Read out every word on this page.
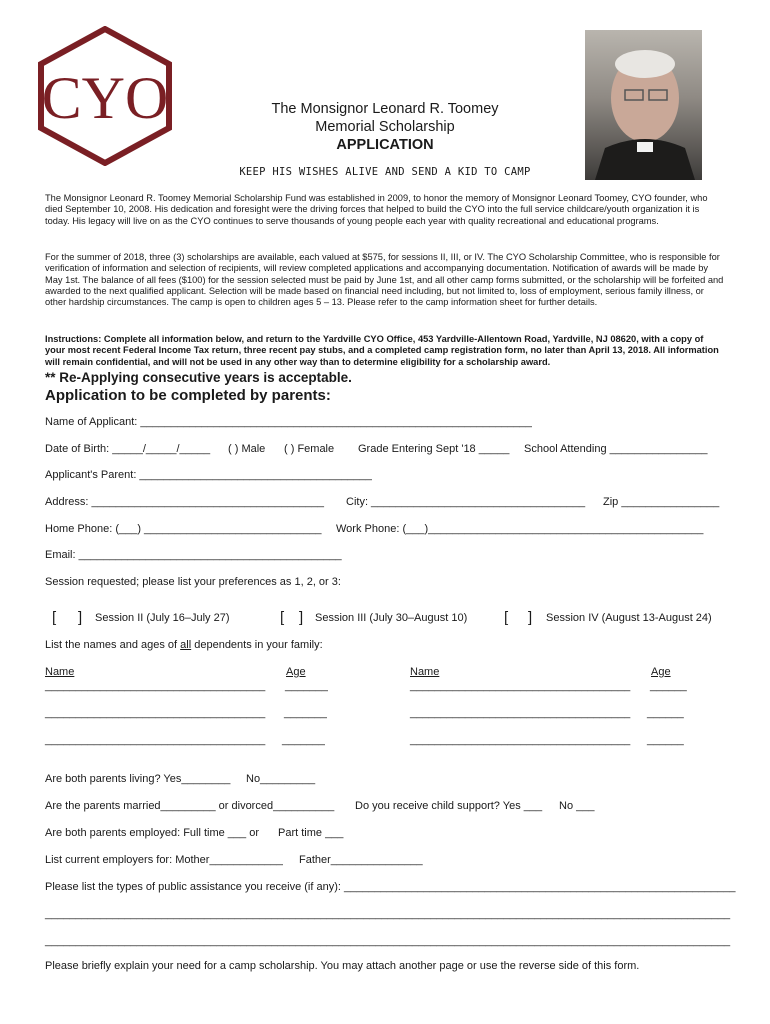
CYO	The Monsignor Leonard R. Toomey
Memorial Scholarship
APPLICATION
KEEP HIS WISHES ALIVE AND SEND A KID TO CAMP
The Monsignor Leonard R. Toomey Memorial Scholarship Fund was established in 2009, to honor the memory of Monsignor Leonard Toomey, CYO founder, who died September 10, 2008. His dedication and foresight were the driving forces that helped to build the CYO into the full service childcare/youth organization it is today. His legacy will live on as the CYO continues to serve thousands of young people each year with quality recreational and educational programs.
For the summer of 2018, three (3) scholarships are available, each valued at $575, for sessions II, III, or IV. The CYO Scholarship Committee, who is responsible for verification of information and selection of recipients, will review completed applications and accompanying documentation. Notification of awards will be made by May 1st. The balance of all fees ($100) for the session selected must be paid by June 1st, and all other camp forms submitted, or the scholarship will be forfeited and awarded to the next qualified applicant. Selection will be made based on financial need including, but not limited to, loss of employment, serious family illness, or other hardship circumstances. The camp is open to children ages 5 – 13. Please refer to the camp information sheet for further details.
Instructions: Complete all information below, and return to the Yardville CYO Office, 453 Yardville-Allentown Road, Yardville, NJ 08620, with a copy of your most recent Federal Income Tax return, three recent pay stubs, and a completed camp registration form, no later than April 13, 2018. All information will remain confidential, and will not be used in any other way than to determine eligibility for a scholarship award.
** Re-Applying consecutive years is acceptable.
Application to be completed by parents:
Name of Applicant: ________________________________________________________________
Date of Birth: _____/_____/_____ ( ) Male ( ) Female Grade Entering Sept '18 _____ School Attending ________________
Applicant's Parent: ______________________________________
Address: ______________________________________ City: ___________________________________ Zip ________________
Home Phone: (___) _____________________________ Work Phone: (___)_____________________________________________
Email: ___________________________________________
Session requested; please list your preferences as 1, 2, or 3:
[ ] Session II (July 16–July 27)	[ ] Session III (July 30–August 10) [ ] Session IV (August 13-August 24)
List the names and ages of all dependents in your family:
Name	Age	Name	Age
____________________________________ _______	____________________________________ ______
____________________________________ _______	____________________________________ ______
____________________________________ _______	____________________________________ ______
Are both parents living? Yes________ No_________
Are the parents married_________ or divorced__________ Do you receive child support? Yes ___ No ___
Are both parents employed: Full time ___ or Part time ___
List current employers for: Mother____________ Father_______________
Please list the types of public assistance you receive (if any): ________________________________________________________________
________________________________________________________________________________________________________________
________________________________________________________________________________________________________________
Please briefly explain your need for a camp scholarship. You may attach another page or use the reverse side of this form.
